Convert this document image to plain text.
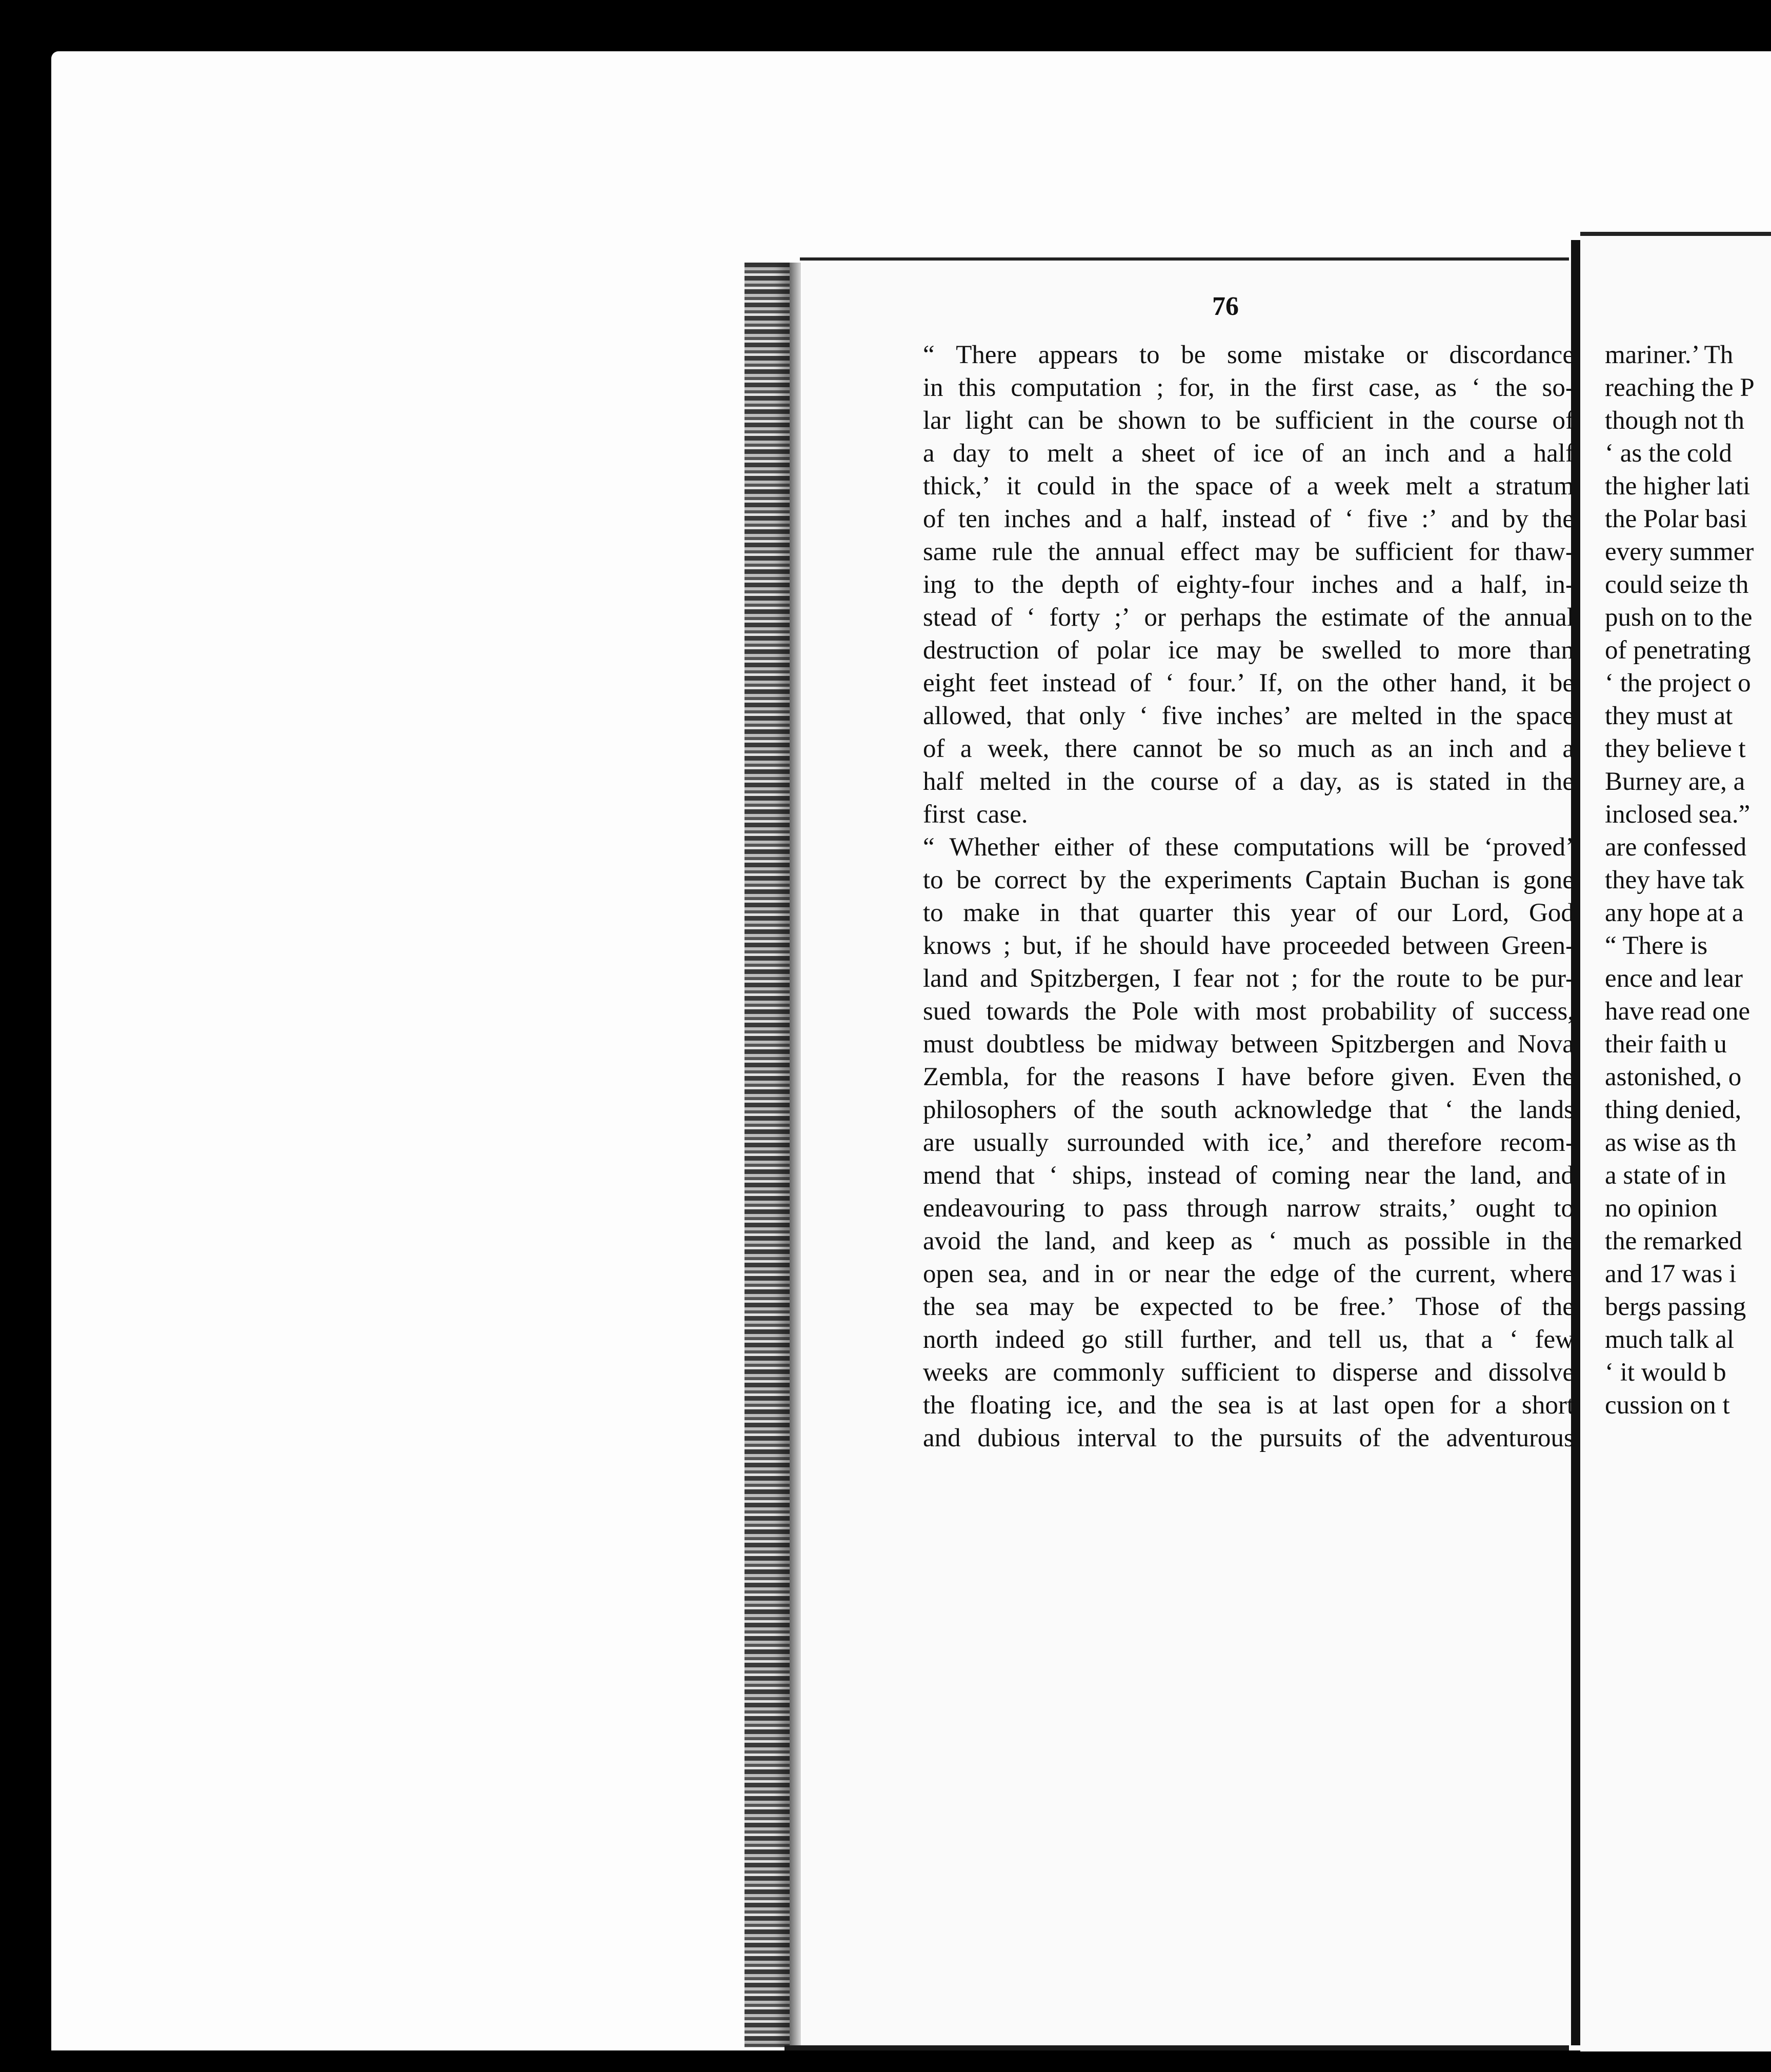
76
“ There appears to be some mistake or discordance
in this computation ; for, in the first case, as ‘ the so-
lar light can be shown to be sufficient in the course of
a day to melt a sheet of ice of an inch and a half
thick,’ it could in the space of a week melt a stratum
of ten inches and a half, instead of ‘ five :’ and by the
same rule the annual effect may be sufficient for thaw-
ing to the depth of eighty-four inches and a half, in-
stead of ‘ forty ;’ or perhaps the estimate of the annual
destruction of polar ice may be swelled to more than
eight feet instead of ‘ four.’ If, on the other hand, it be
allowed, that only ‘ five inches’ are melted in the space
of a week, there cannot be so much as an inch and a
half melted in the course of a day, as is stated in the
first case.
“ Whether either of these computations will be ‘proved’
to be correct by the experiments Captain Buchan is gone
to make in that quarter this year of our Lord, God
knows ; but, if he should have proceeded between Green-
land and Spitzbergen, I fear not ; for the route to be pur-
sued towards the Pole with most probability of success,
must doubtless be midway between Spitzbergen and Nova
Zembla, for the reasons I have before given. Even the
philosophers of the south acknowledge that ‘ the lands
are usually surrounded with ice,’ and therefore recom-
mend that ‘ ships, instead of coming near the land, and
endeavouring to pass through narrow straits,’ ought to
avoid the land, and keep as ‘ much as possible in the
open sea, and in or near the edge of the current, where
the sea may be expected to be free.’ Those of the
north indeed go still further, and tell us, that a ‘ few
weeks are commonly sufficient to disperse and dissolve
the floating ice, and the sea is at last open for a short
and dubious interval to the pursuits of the adventurous
mariner.’ Th
reaching the P
though not th
‘ as the cold
the higher lati
the Polar basi
every summer
could seize th
push on to the
of penetrating
‘ the project o
they must at
they believe t
Burney are, a
inclosed sea.”
are confessed
they have tak
any hope at a
“ There is
ence and lear
have read one
their faith u
astonished, o
thing denied,
as wise as th
a state of in
no opinion
the remarked
and 17 was i
bergs passing
much talk al
‘ it would b
cussion on t
